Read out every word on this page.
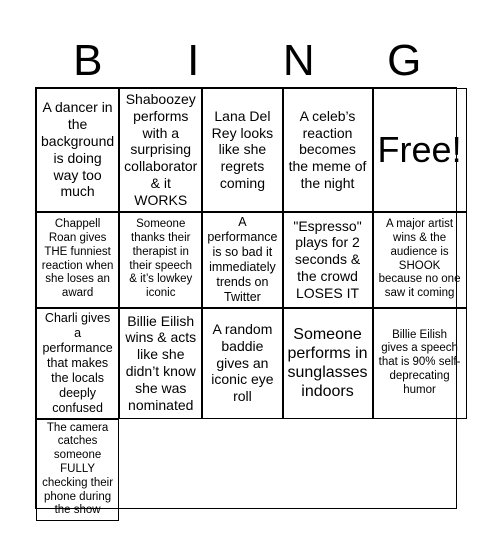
B	I	N	G
A dancer in the background is doing way too much
Shaboozey performs with a surprising collaborator & it WORKS
Lana Del Rey looks like she regrets coming
A celeb’s reaction becomes the meme of the night
Free!
Chappell Roan gives THE funniest reaction when she loses an award
Someone thanks their therapist in their speech & it’s lowkey iconic
A performance is so bad it immediately trends on Twitter
"Espresso" plays for 2 seconds & the crowd LOSES IT
A major artist wins & the audience is SHOOK because no one saw it coming
Charli gives a performance that makes the locals deeply confused
Billie Eilish wins & acts like she didn’t know she was nominated
A random baddie gives an iconic eye roll
Someone performs in sunglasses indoors
Billie Eilish gives a speech that is 90% self-deprecating humor
The camera catches someone FULLY checking their phone during the show
